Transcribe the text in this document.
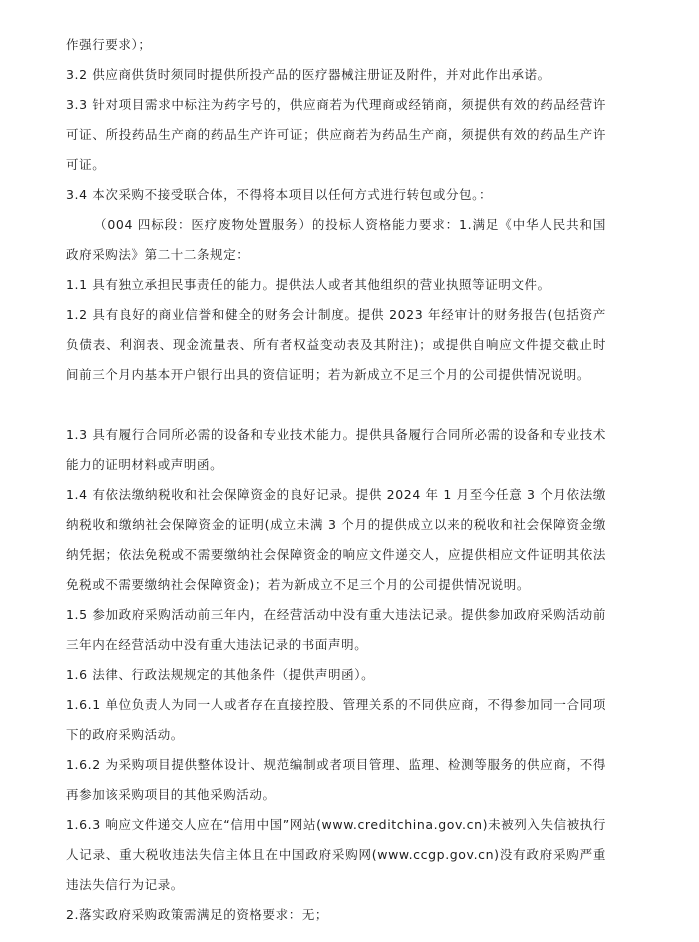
作强行要求）；

3.2 供应商供货时须同时提供所投产品的医疗器械注册证及附件，并对此作出承诺。

3.3 针对项目需求中标注为药字号的，供应商若为代理商或经销商，须提供有效的药品经营许可证、所投药品生产商的药品生产许可证；供应商若为药品生产商，须提供有效的药品生产许可证。

3.4 本次采购不接受联合体，不得将本项目以任何方式进行转包或分包。：

（004 四标段：医疗废物处置服务）的投标人资格能力要求：1.满足《中华人民共和国政府采购法》第二十二条规定：

1.1 具有独立承担民事责任的能力。提供法人或者其他组织的营业执照等证明文件。

1.2 具有良好的商业信誉和健全的财务会计制度。提供 2023 年经审计的财务报告(包括资产负债表、利润表、现金流量表、所有者权益变动表及其附注)；或提供自响应文件提交截止时间前三个月内基本开户银行出具的资信证明；若为新成立不足三个月的公司提供情况说明。

1.3 具有履行合同所必需的设备和专业技术能力。提供具备履行合同所必需的设备和专业技术能力的证明材料或声明函。

1.4 有依法缴纳税收和社会保障资金的良好记录。提供 2024 年 1 月至今任意 3 个月依法缴纳税收和缴纳社会保障资金的证明(成立未满 3 个月的提供成立以来的税收和社会保障资金缴纳凭据；依法免税或不需要缴纳社会保障资金的响应文件递交人，应提供相应文件证明其依法免税或不需要缴纳社会保障资金)；若为新成立不足三个月的公司提供情况说明。

1.5 参加政府采购活动前三年内，在经营活动中没有重大违法记录。提供参加政府采购活动前三年内在经营活动中没有重大违法记录的书面声明。

1.6 法律、行政法规规定的其他条件（提供声明函）。

1.6.1 单位负责人为同一人或者存在直接控股、管理关系的不同供应商，不得参加同一合同项下的政府采购活动。

1.6.2 为采购项目提供整体设计、规范编制或者项目管理、监理、检测等服务的供应商，不得再参加该采购项目的其他采购活动。

1.6.3 响应文件递交人应在“信用中国”网站(www.creditchina.gov.cn)未被列入失信被执行人记录、重大税收违法失信主体且在中国政府采购网(www.ccgp.gov.cn)没有政府采购严重违法失信行为记录。

2.落实政府采购政策需满足的资格要求：无；
